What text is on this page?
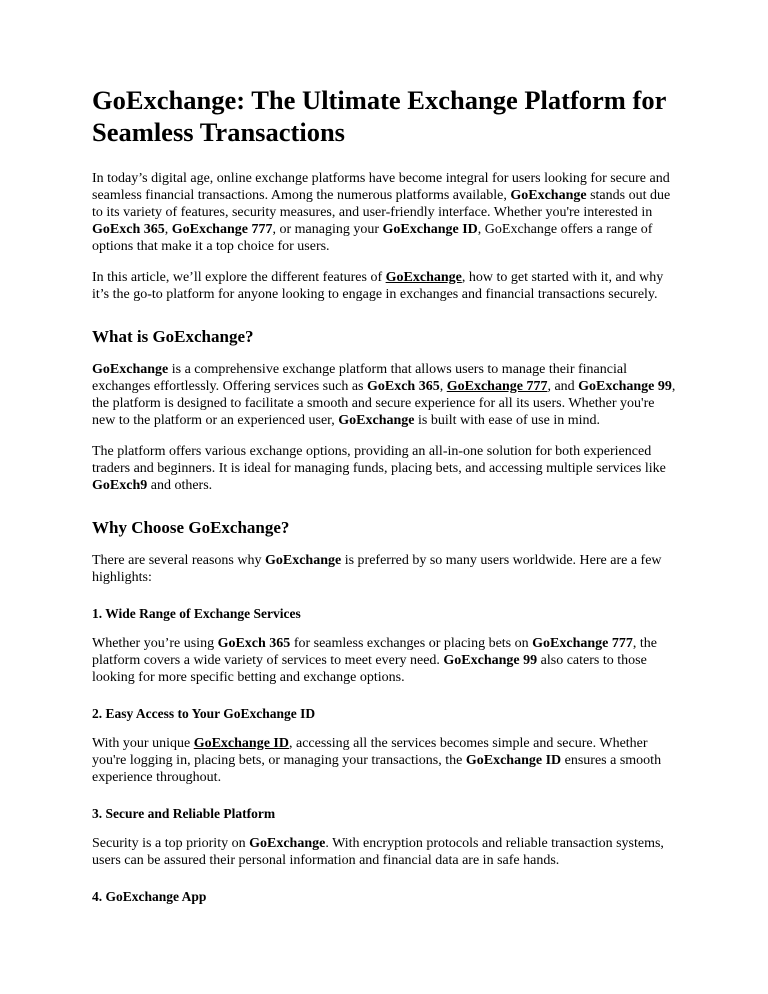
GoExchange: The Ultimate Exchange Platform for Seamless Transactions

In today’s digital age, online exchange platforms have become integral for users looking for secure and seamless financial transactions. Among the numerous platforms available, GoExchange stands out due to its variety of features, security measures, and user-friendly interface. Whether you're interested in GoExch 365, GoExchange 777, or managing your GoExchange ID, GoExchange offers a range of options that make it a top choice for users.

In this article, we’ll explore the different features of GoExchange, how to get started with it, and why it’s the go-to platform for anyone looking to engage in exchanges and financial transactions securely.

What is GoExchange?

GoExchange is a comprehensive exchange platform that allows users to manage their financial exchanges effortlessly. Offering services such as GoExch 365, GoExchange 777, and GoExchange 99, the platform is designed to facilitate a smooth and secure experience for all its users. Whether you're new to the platform or an experienced user, GoExchange is built with ease of use in mind.

The platform offers various exchange options, providing an all-in-one solution for both experienced traders and beginners. It is ideal for managing funds, placing bets, and accessing multiple services like GoExch9 and others.

Why Choose GoExchange?

There are several reasons why GoExchange is preferred by so many users worldwide. Here are a few highlights:

1. Wide Range of Exchange Services

Whether you’re using GoExch 365 for seamless exchanges or placing bets on GoExchange 777, the platform covers a wide variety of services to meet every need. GoExchange 99 also caters to those looking for more specific betting and exchange options.

2. Easy Access to Your GoExchange ID

With your unique GoExchange ID, accessing all the services becomes simple and secure. Whether you're logging in, placing bets, or managing your transactions, the GoExchange ID ensures a smooth experience throughout.

3. Secure and Reliable Platform

Security is a top priority on GoExchange. With encryption protocols and reliable transaction systems, users can be assured their personal information and financial data are in safe hands.

4. GoExchange App
